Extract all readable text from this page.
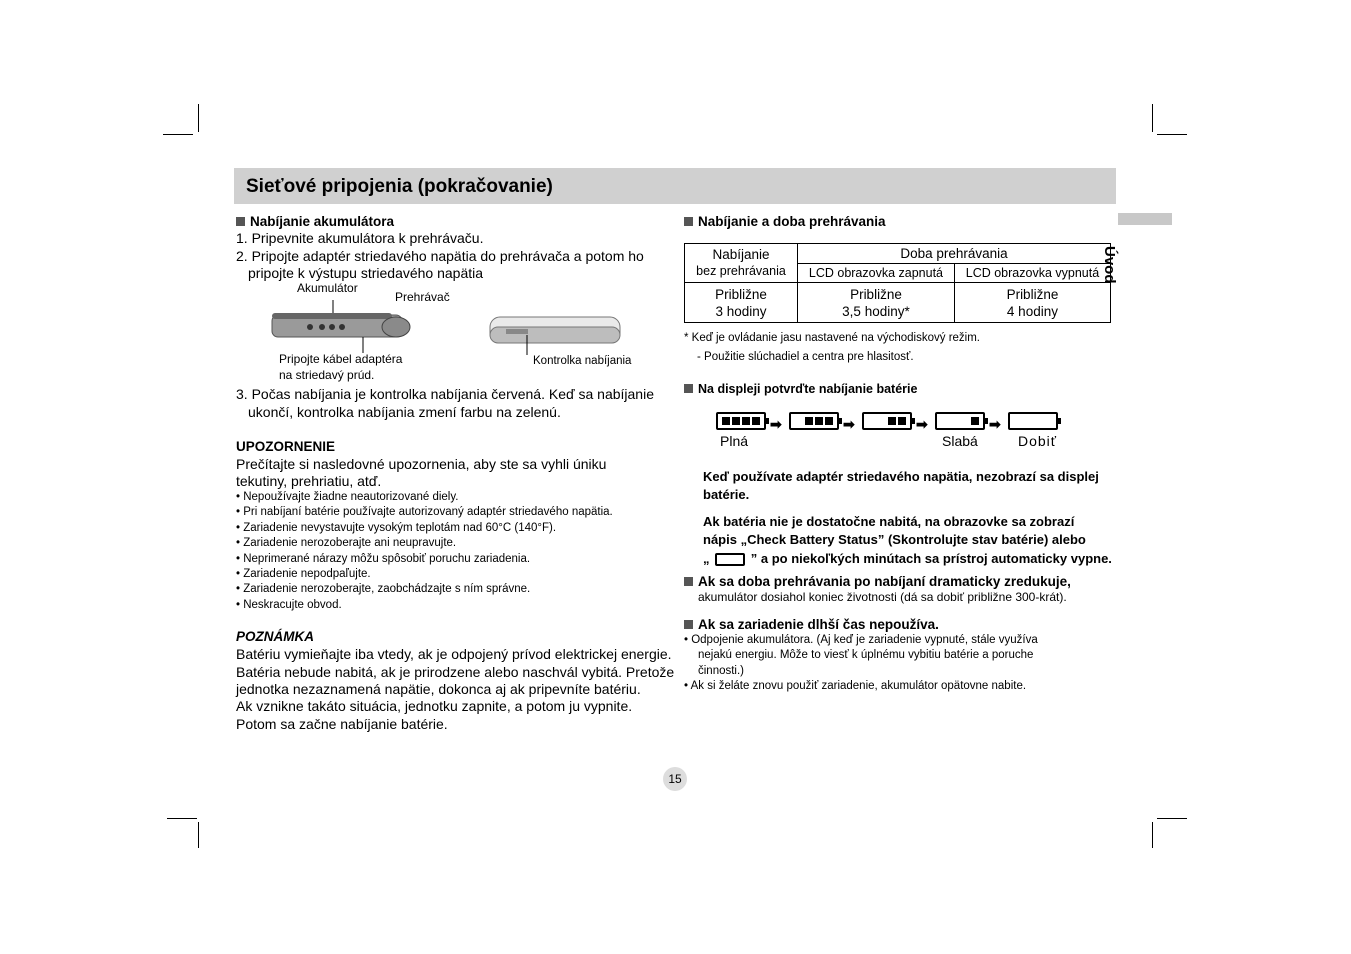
Sieťové pripojenia (pokračovanie)
Úvod
Nabíjanie akumulátora
1. Pripevnite akumulátora k prehrávaču.
2. Pripojte adaptér striedavého napätia do prehrávača a potom ho
pripojte k výstupu striedavého napätia
Akumulátor
Prehrávač
Pripojte kábel adaptéra
na striedavý prúd.
Kontrolka nabíjania
3. Počas nabíjania je kontrolka nabíjania červená. Keď sa nabíjanie
ukončí, kontrolka nabíjania zmení farbu na zelenú.
UPOZORNENIE
Prečítajte si nasledovné upozornenia, aby ste sa vyhli úniku
tekutiny, prehriatiu, atď.
• Nepoužívajte žiadne neautorizované diely.
• Pri nabíjaní batérie používajte autorizovaný adaptér striedavého napätia.
• Zariadenie nevystavujte vysokým teplotám nad 60°C (140°F).
• Zariadenie nerozoberajte ani neupravujte.
• Neprimerané nárazy môžu spôsobiť poruchu zariadenia.
• Zariadenie nepodpaľujte.
• Zariadenie nerozoberajte, zaobchádzajte s ním správne.
• Neskracujte obvod.
POZNÁMKA
Batériu vymieňajte iba vtedy, ak je odpojený prívod elektrickej energie.
Batéria nebude nabitá, ak je prirodzene alebo naschvál vybitá. Pretože
jednotka nezaznamená napätie, dokonca aj ak pripevníte batériu.
Ak vznikne takáto situácia, jednotku zapnite, a potom ju vypnite.
Potom sa začne nabíjanie batérie.
Nabíjanie a doba prehrávania
Nabíjanie
bez prehrávania	Doba prehrávania	
	LCD obrazovka zapnutá	LCD obrazovka vypnutá
Približne
3 hodiny	Približne
3,5 hodiny*	Približne
4 hodiny
* Keď je ovládanie jasu nastavené na východiskový režim.
- Použitie slúchadiel a centra pre hlasitosť.
Na displeji potvrďte nabíjanie batérie
➡	➡	➡	➡
Plná	Slabá	Dobiť
Keď používate adaptér striedavého napätia, nezobrazí sa displej
batérie.
Ak batéria nie je dostatočne nabitá, na obrazovke sa zobrazí
nápis „Check Battery Status” (Skontrolujte stav batérie) alebo
„	” a po niekoľkých minútach sa prístroj automaticky vypne.
Ak sa doba prehrávania po nabíjaní dramaticky zredukuje,
akumulátor dosiahol koniec životnosti (dá sa dobiť približne 300-krát).
Ak sa zariadenie dlhší čas nepoužíva.
• Odpojenie akumulátora. (Aj keď je zariadenie vypnuté, stále využíva
nejakú energiu. Môže to viesť k úplnému vybitiu batérie a poruche
činnosti.)
• Ak si želáte znovu použiť zariadenie, akumulátor opätovne nabite.
15
